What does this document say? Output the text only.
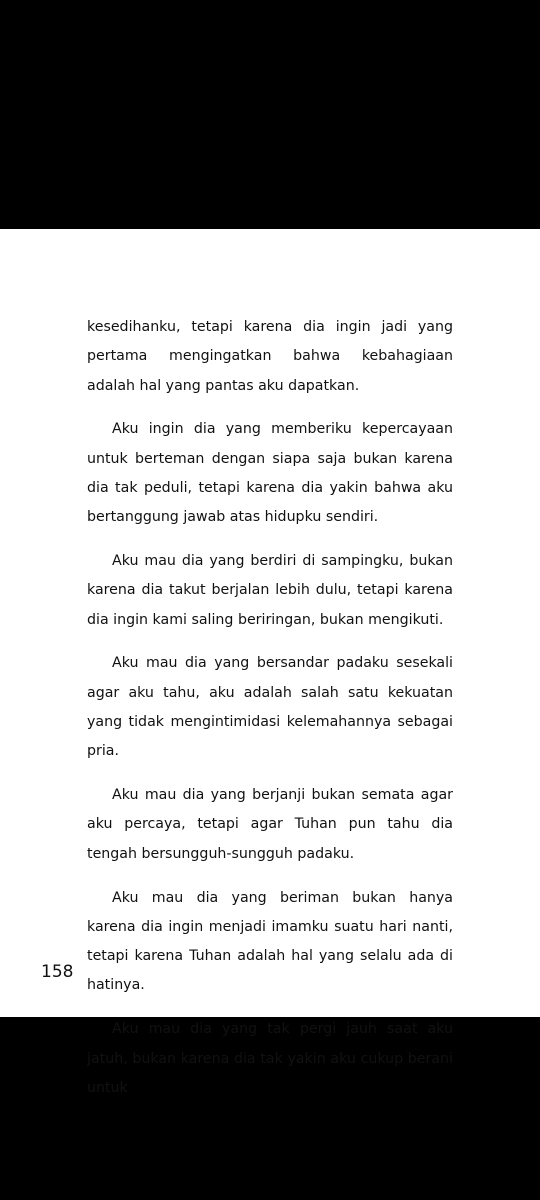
kesedihanku, tetapi karena dia ingin jadi yang pertama mengingatkan bahwa kebahagiaan adalah hal yang pantas aku dapatkan.

Aku ingin dia yang memberiku kepercayaan untuk berteman dengan siapa saja bukan karena dia tak peduli, tetapi karena dia yakin bahwa aku bertanggung jawab atas hidupku sendiri.

Aku mau dia yang berdiri di sampingku, bukan karena dia takut berjalan lebih dulu, tetapi karena dia ingin kami saling beriringan, bukan mengikuti.

Aku mau dia yang bersandar padaku sesekali agar aku tahu, aku adalah salah satu kekuatan yang tidak mengintimidasi kelemahannya sebagai pria.

Aku mau dia yang berjanji bukan semata agar aku percaya, tetapi agar Tuhan pun tahu dia tengah bersungguh-sungguh padaku.

Aku mau dia yang beriman bukan hanya karena dia ingin menjadi imamku suatu hari nanti, tetapi karena Tuhan adalah hal yang selalu ada di hatinya.

Aku mau dia yang tak pergi jauh saat aku jatuh, bukan karena dia tak yakin aku cukup berani untuk

158
